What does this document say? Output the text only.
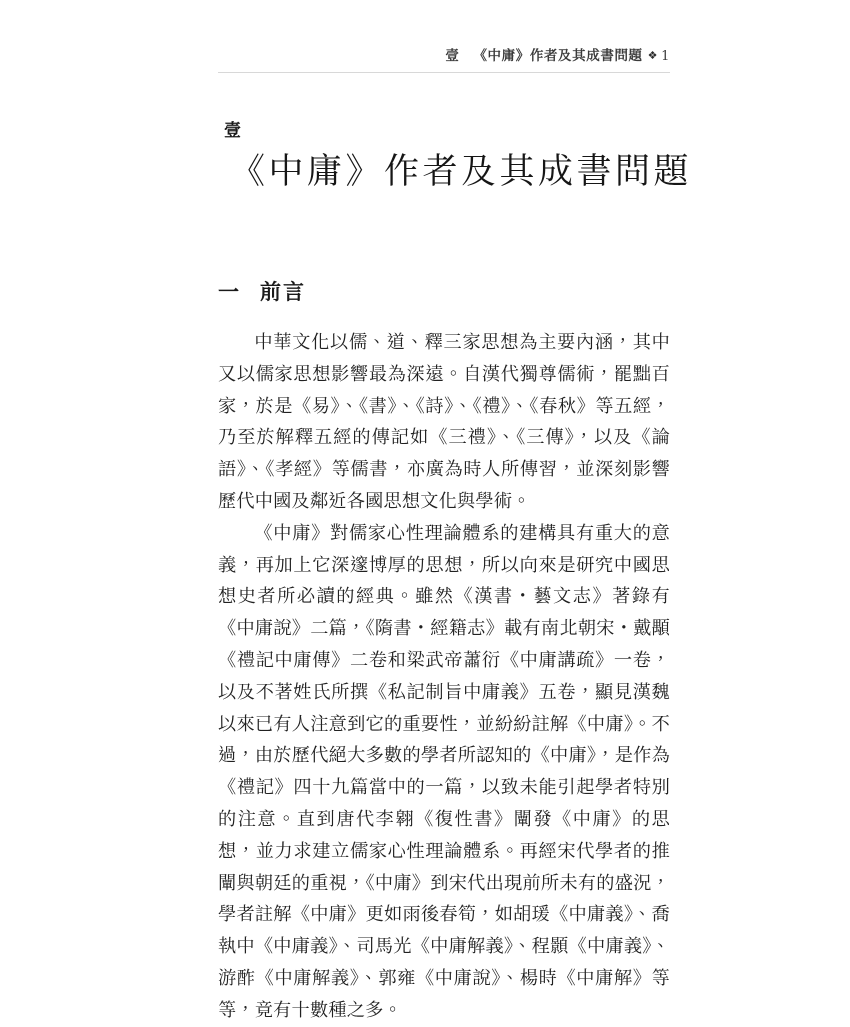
壹 《中庸》作者及其成書問題 ❖ 1
壹
《中庸》作者及其成書問題
一 前言

中華文化以儒、道、釋三家思想為主要內涵，其中又以儒家思想影響最為深遠。自漢代獨尊儒術，罷黜百家，於是《易》、《書》、《詩》、《禮》、《春秋》等五經，乃至於解釋五經的傳記如《三禮》、《三傳》，以及《論語》、《孝經》等儒書，亦廣為時人所傳習，並深刻影響歷代中國及鄰近各國思想文化與學術。

《中庸》對儒家心性理論體系的建構具有重大的意義，再加上它深邃博厚的思想，所以向來是研究中國思想史者所必讀的經典。雖然《漢書・藝文志》著錄有《中庸說》二篇，《隋書・經籍志》載有南北朝宋・戴顒《禮記中庸傳》二卷和梁武帝蕭衍《中庸講疏》一卷，以及不著姓氏所撰《私記制旨中庸義》五卷，顯見漢魏以來已有人注意到它的重要性，並紛紛註解《中庸》。不過，由於歷代絕大多數的學者所認知的《中庸》，是作為《禮記》四十九篇當中的一篇，以致未能引起學者特別的注意。直到唐代李翱《復性書》闡發《中庸》的思想，並力求建立儒家心性理論體系。再經宋代學者的推闡與朝廷的重視，《中庸》到宋代出現前所未有的盛況，學者註解《中庸》更如雨後春筍，如胡瑗《中庸義》、喬執中《中庸義》、司馬光《中庸解義》、程顥《中庸義》、游酢《中庸解義》、郭雍《中庸說》、楊時《中庸解》等等，竟有十數種之多。
